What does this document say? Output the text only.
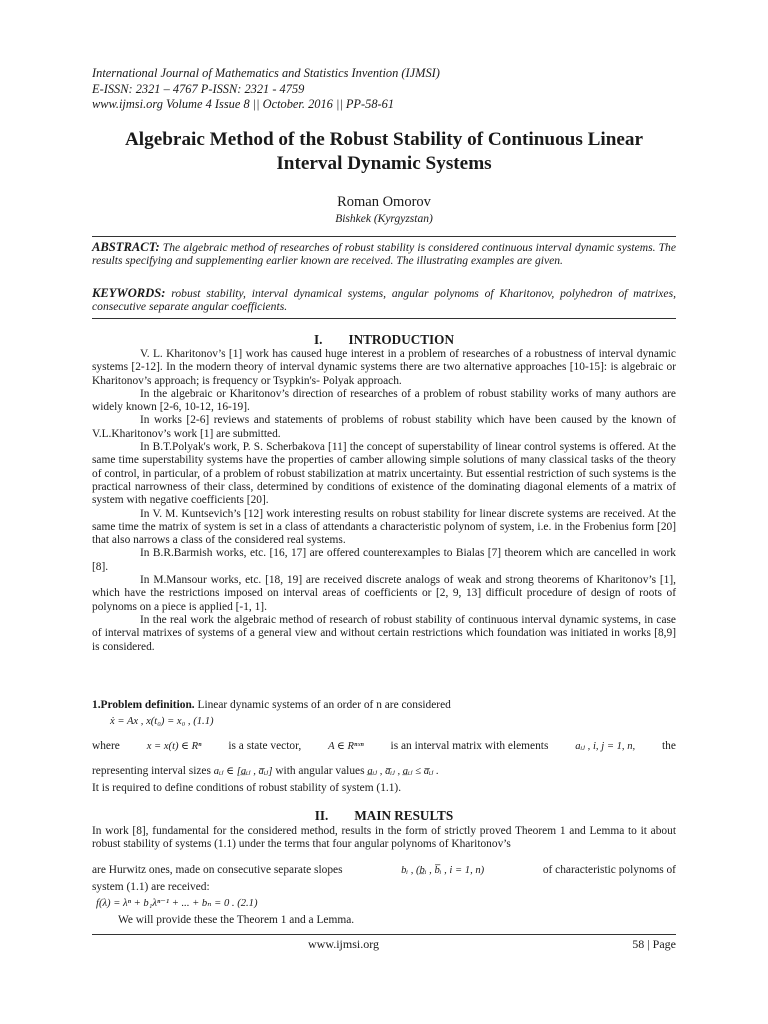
International Journal of Mathematics and Statistics Invention (IJMSI)
E-ISSN: 2321 – 4767 P-ISSN: 2321 - 4759
www.ijmsi.org Volume 4 Issue 8 || October. 2016 || PP-58-61
Algebraic Method of the Robust Stability of Continuous Linear
Interval Dynamic Systems
Roman Omorov
Bishkek (Kyrgyzstan)
ABSTRACT: The algebraic method of researches of robust stability is considered continuous interval dynamic systems. The results specifying and supplementing earlier known are received. The illustrating examples are given.
KEYWORDS: robust stability, interval dynamical systems, angular polynoms of Kharitonov, polyhedron of matrixes, consecutive separate angular coefficients.
I. INTRODUCTION

V. L. Kharitonov’s [1] work has caused huge interest in a problem of researches of a robustness of interval dynamic systems [2-12]. In the modern theory of interval dynamic systems there are two alternative approaches [10-15]: is algebraic or Kharitonov’s approach; is frequency or Tsypkin's- Polyak approach.

In the algebraic or Kharitonov’s direction of researches of a problem of robust stability works of many authors are widely known [2-6, 10-12, 16-19].

In works [2-6] reviews and statements of problems of robust stability which have been caused by the known of V.L.Kharitonov’s work [1] are submitted.

In B.T.Polyak's work, P. S. Scherbakova [11] the concept of superstability of linear control systems is offered. At the same time superstability systems have the properties of camber allowing simple solutions of many classical tasks of the theory of control, in particular, of a problem of robust stabilization at matrix uncertainty. But essential restriction of such systems is the practical narrowness of their class, determined by conditions of existence of the dominating diagonal elements of a matrix of system with negative coefficients [20].

In V. M. Kuntsevich’s [12] work interesting results on robust stability for linear discrete systems are received. At the same time the matrix of system is set in a class of attendants a characteristic polynom of system, i.e. in the Frobenius form [20] that also narrows a class of the considered real systems.

In B.R.Barmish works, etc. [16, 17] are offered counterexamples to Bialas [7] theorem which are cancelled in work [8].

In M.Mansour works, etc. [18, 19] are received discrete analogs of weak and strong theorems of Kharitonov’s [1], which have the restrictions imposed on interval areas of coefficients or [2, 9, 13] difficult procedure of design of roots of polynoms on a piece is applied [-1, 1].

In the real work the algebraic method of research of robust stability of continuous interval dynamic systems, in case of interval matrixes of systems of a general view and without certain restrictions which foundation was initiated in works [8,9] is considered.

1.Problem definition. Linear dynamic systems of an order of n are considered
ẋ = Ax , x(t₀) = x₀ , (1.1)
where	x = x(t) ∈ Rⁿ is a state vector,	A ∈ Rⁿˣⁿ is an interval matrix with elements	aᵢⱼ , i, j = 1, n, the
representing interval sizes aᵢⱼ ∈ [a̲ᵢⱼ , a̅ᵢⱼ] with angular values a̲ᵢⱼ , a̅ᵢⱼ , a̲ᵢⱼ ≤ a̅ᵢⱼ .
It is required to define conditions of robust stability of system (1.1).
II. MAIN RESULTS
In work [8], fundamental for the considered method, results in the form of strictly proved Theorem 1 and Lemma to it about robust stability of systems (1.1) under the terms that four angular polynoms of Kharitonov’s
are Hurwitz ones, made on consecutive separate slopes	bᵢ , (b̲ᵢ , b̅ᵢ , i = 1, n)	of characteristic polynoms of
system (1.1) are received:
f(λ) = λⁿ + b₁λⁿ⁻¹ + ... + bₙ = 0 . (2.1)
We will provide these the Theorem 1 and a Lemma.
www.ijmsi.org	58 | Page
